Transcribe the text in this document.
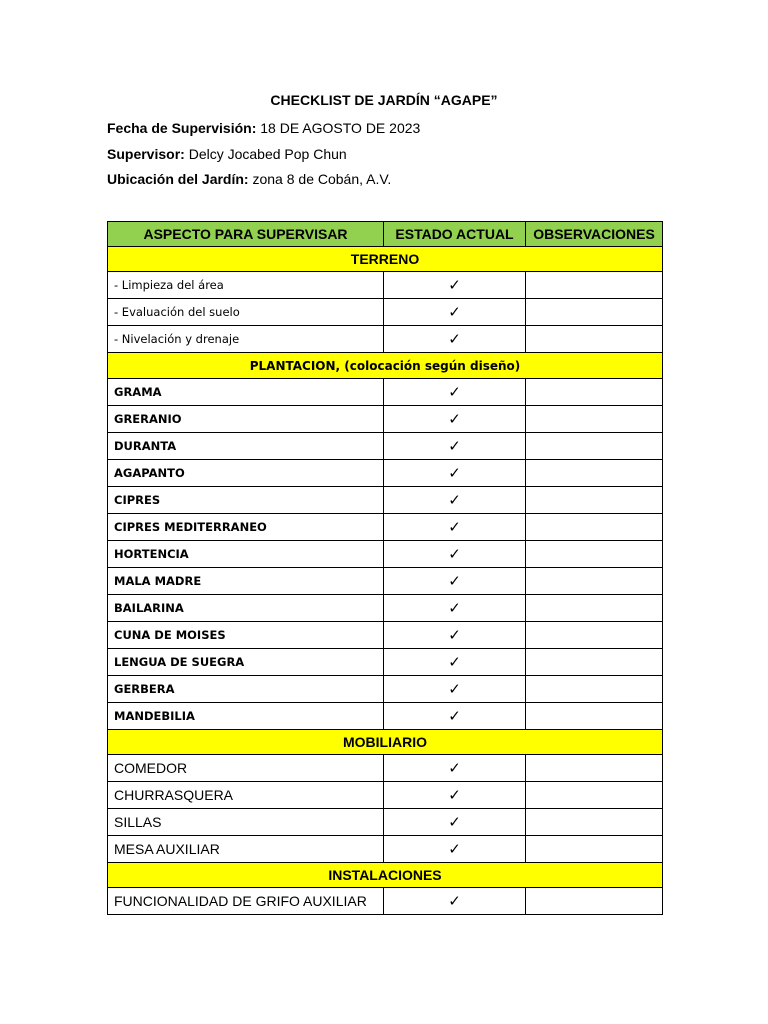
CHECKLIST DE JARDÍN “AGAPE”
Fecha de Supervisión: 18 DE AGOSTO DE 2023
Supervisor: Delcy Jocabed Pop Chun
Ubicación del Jardín: zona 8 de Cobán, A.V.
ASPECTO PARA SUPERVISAR	ESTADO ACTUAL	OBSERVACIONES
TERRENO		
- Limpieza del área	✓	
- Evaluación del suelo	✓	
- Nivelación y drenaje	✓	
PLANTACION, (colocación según diseño)		
GRAMA	✓	
GRERANIO	✓	
DURANTA	✓	
AGAPANTO	✓	
CIPRES	✓	
CIPRES MEDITERRANEO	✓	
HORTENCIA	✓	
MALA MADRE	✓	
BAILARINA	✓	
CUNA DE MOISES	✓	
LENGUA DE SUEGRA	✓	
GERBERA	✓	
MANDEBILIA	✓	
MOBILIARIO		
COMEDOR	✓	
CHURRASQUERA	✓	
SILLAS	✓	
MESA AUXILIAR	✓	
INSTALACIONES		
FUNCIONALIDAD DE GRIFO AUXILIAR	✓	
